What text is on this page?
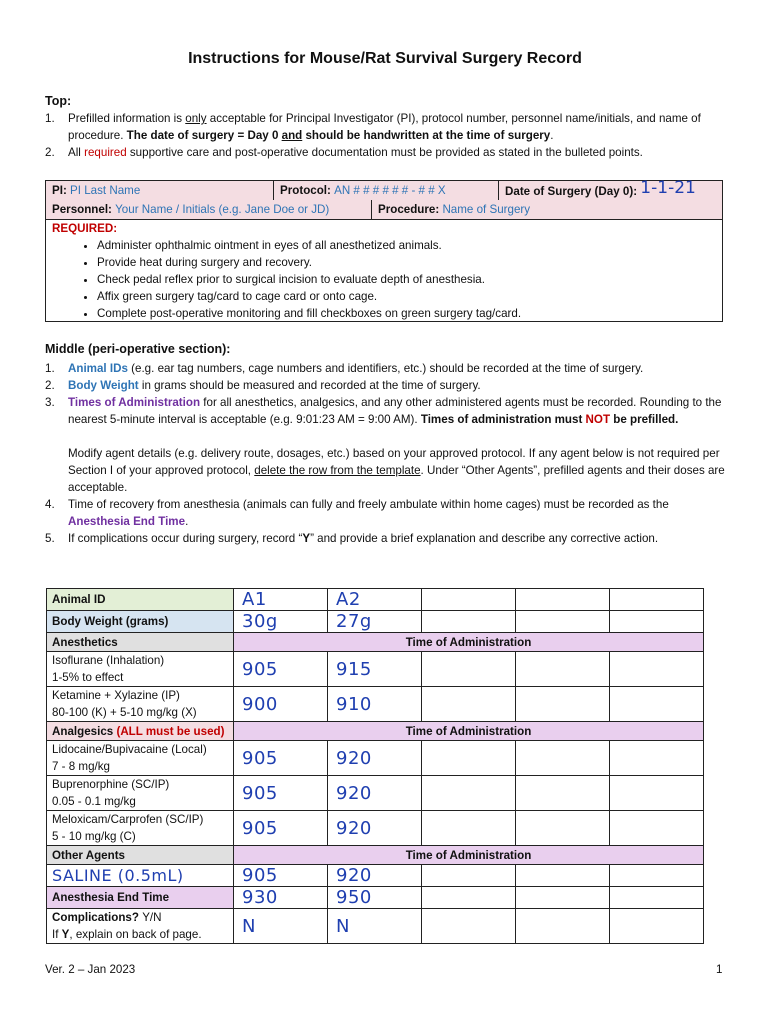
Instructions for Mouse/Rat Survival Surgery Record
Top:
1. Prefilled information is only acceptable for Principal Investigator (PI), protocol number, personnel name/initials, and name of procedure. The date of surgery = Day 0 and should be handwritten at the time of surgery.
2. All required supportive care and post-operative documentation must be provided as stated in the bulleted points.
PI: PI Last Name	Protocol: AN # # # # # # - # # X	Date of Surgery (Day 0): 1-1-21
Personnel: Your Name / Initials (e.g. Jane Doe or JD)	Procedure: Name of Surgery
REQUIRED:
• Administer ophthalmic ointment in eyes of all anesthetized animals.
• Provide heat during surgery and recovery.
• Check pedal reflex prior to surgical incision to evaluate depth of anesthesia.
• Affix green surgery tag/card to cage card or onto cage.
• Complete post-operative monitoring and fill checkboxes on green surgery tag/card.
Middle (peri-operative section):
1. Animal IDs (e.g. ear tag numbers, cage numbers and identifiers, etc.) should be recorded at the time of surgery.
2. Body Weight in grams should be measured and recorded at the time of surgery.
3. Times of Administration for all anesthetics, analgesics, and any other administered agents must be recorded. Rounding to the nearest 5-minute interval is acceptable (e.g. 9:01:23 AM = 9:00 AM). Times of administration must NOT be prefilled.
Modify agent details (e.g. delivery route, dosages, etc.) based on your approved protocol. If any agent below is not required per Section I of your approved protocol, delete the row from the template. Under “Other Agents”, prefilled agents and their doses are acceptable.
4. Time of recovery from anesthesia (animals can fully and freely ambulate within home cages) must be recorded as the Anesthesia End Time.
5. If complications occur during surgery, record “Y” and provide a brief explanation and describe any corrective action.
Animal ID	A1	A2			
Body Weight (grams)	30g	27g			
Anesthetics	Time of Administration				
Isoflurane (Inhalation)
1-5% to effect	905	915			
Ketamine + Xylazine (IP)
80-100 (K) + 5-10 mg/kg (X)	900	910			
Analgesics (ALL must be used)	Time of Administration				
Lidocaine/Bupivacaine (Local)
7 - 8 mg/kg	905	920			
Buprenorphine (SC/IP)
0.05 - 0.1 mg/kg	905	920			
Meloxicam/Carprofen (SC/IP)
5 - 10 mg/kg (C)	905	920			
Other Agents	Time of Administration				
SALINE (0.5mL)	905	920			
Anesthesia End Time	930	950			
Complications? Y/N
If Y, explain on back of page.	N	N			
Ver. 2 – Jan 2023	1
